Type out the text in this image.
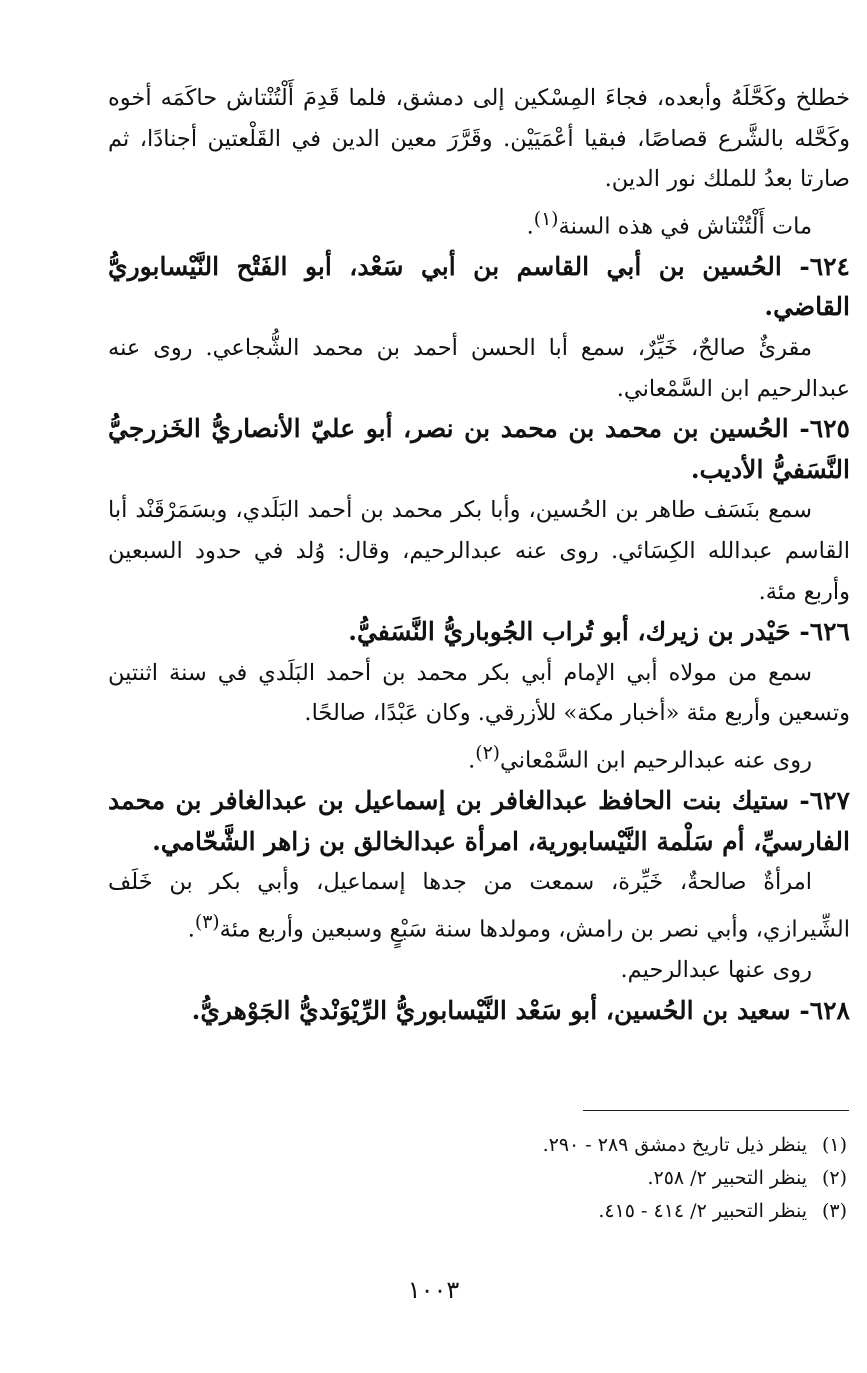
خطلخ وكَحَّلَهُ وأبعده، فجاءَ المِسْكين إلى دمشق، فلما قَدِمَ أَلْتُنْتاش حاكَمَه أخوه وكَحَّله بالشَّرع قصاصًا، فبقيا أعْمَيَيْن. وقَرَّرَ معين الدين في القَلْعتين أجنادًا، ثم صارتا بعدُ للملك نور الدين.

مات أَلْتُنْتاش في هذه السنة$^{(١)}$.

٦٢٤- الحُسين بن أبي القاسم بن أبي سَعْد، أبو الفَتْح النَّيْسابوريُّ القاضي.

مقرئٌ صالحٌ، خَيِّرٌ، سمع أبا الحسن أحمد بن محمد الشُّجاعي. روى عنه عبدالرحيم ابن السَّمْعاني.

٦٢٥- الحُسين بن محمد بن محمد بن نصر، أبو عليّ الأنصاريُّ الخَزرجيُّ النَّسَفيُّ الأديب.

سمع بنَسَف طاهر بن الحُسين، وأبا بكر محمد بن أحمد البَلَدي، وبسَمَرْقَنْد أبا القاسم عبدالله الكِسَائي. روى عنه عبدالرحيم، وقال: وُلد في حدود السبعين وأربع مئة.

٦٢٦- حَيْدر بن زيرك، أبو تُراب الجُوباريُّ النَّسَفيُّ.

سمع من مولاه أبي الإمام أبي بكر محمد بن أحمد البَلَدي في سنة اثنتين وتسعين وأربع مئة «أخبار مكة» للأزرقي. وكان عَبْدًا، صالحًا.

روى عنه عبدالرحيم ابن السَّمْعاني$^{(٢)}$.

٦٢٧- ستيك بنت الحافظ عبدالغافر بن إسماعيل بن عبدالغافر بن محمد الفارسيِّ، أم سَلْمة النَّيْسابورية، امرأة عبدالخالق بن زاهر الشَّحّامي.

امرأةٌ صالحةٌ، خَيِّرة، سمعت من جدها إسماعيل، وأبي بكر بن خَلَف الشِّيرازي، وأبي نصر بن رامش، ومولدها سنة سَبْعٍ وسبعين وأربع مئة$^{(٣)}$.

روى عنها عبدالرحيم.

٦٢٨- سعيد بن الحُسين، أبو سَعْد النَّيْسابوريُّ الرِّيْوَنْديُّ الجَوْهريُّ.

(١)ينظر ذيل تاريخ دمشق ٢٨٩ - ٢٩٠.

(٢)ينظر التحبير ٢/ ٢٥٨.

(٣)ينظر التحبير ٢/ ٤١٤ - ٤١٥.

١٠٠٣
